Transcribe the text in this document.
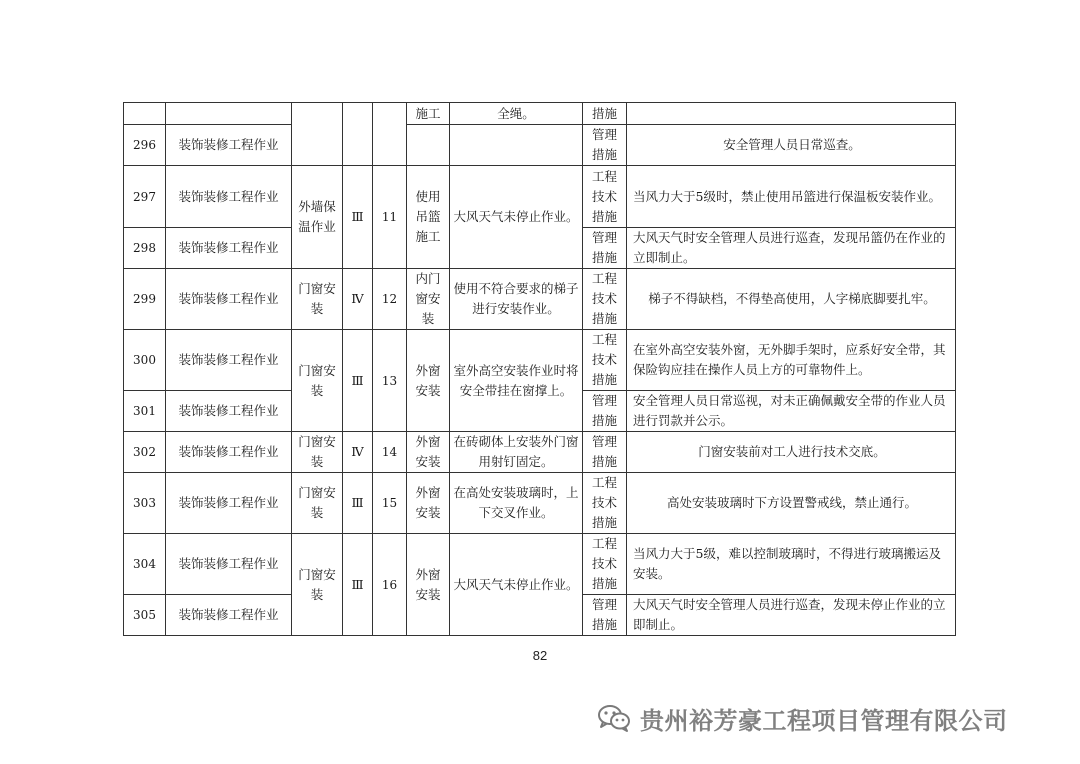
					施工	全绳。	措施	
296	装饰装修工程作业						管理措施	安全管理人员日常巡查。
297	装饰装修工程作业	外墙保温作业	Ⅲ	11	使用吊篮施工	大风天气未停止作业。	工程技术措施	当风力大于5级时，禁止使用吊篮进行保温板安装作业。
298	装饰装修工程作业						管理措施	大风天气时安全管理人员进行巡查，发现吊篮仍在作业的立即制止。
299	装饰装修工程作业	门窗安装	Ⅳ	12	内门窗安装	使用不符合要求的梯子进行安装作业。	工程技术措施	梯子不得缺档，不得垫高使用，人字梯底脚要扎牢。
300	装饰装修工程作业	门窗安装	Ⅲ	13	外窗安装	室外高空安装作业时将安全带挂在窗撑上。	工程技术措施	在室外高空安装外窗，无外脚手架时，应系好安全带，其保险钩应挂在操作人员上方的可靠物件上。
301	装饰装修工程作业						管理措施	安全管理人员日常巡视，对未正确佩戴安全带的作业人员进行罚款并公示。
302	装饰装修工程作业	门窗安装	Ⅳ	14	外窗安装	在砖砌体上安装外门窗用射钉固定。	管理措施	门窗安装前对工人进行技术交底。
303	装饰装修工程作业	门窗安装	Ⅲ	15	外窗安装	在高处安装玻璃时，上下交叉作业。	工程技术措施	高处安装玻璃时下方设置警戒线，禁止通行。
304	装饰装修工程作业	门窗安装	Ⅲ	16	外窗安装	大风天气未停止作业。	工程技术措施	当风力大于5级，难以控制玻璃时，不得进行玻璃搬运及安装。
305	装饰装修工程作业						管理措施	大风天气时安全管理人员进行巡查，发现未停止作业的立即制止。
82
贵州裕芳豪工程项目管理有限公司
